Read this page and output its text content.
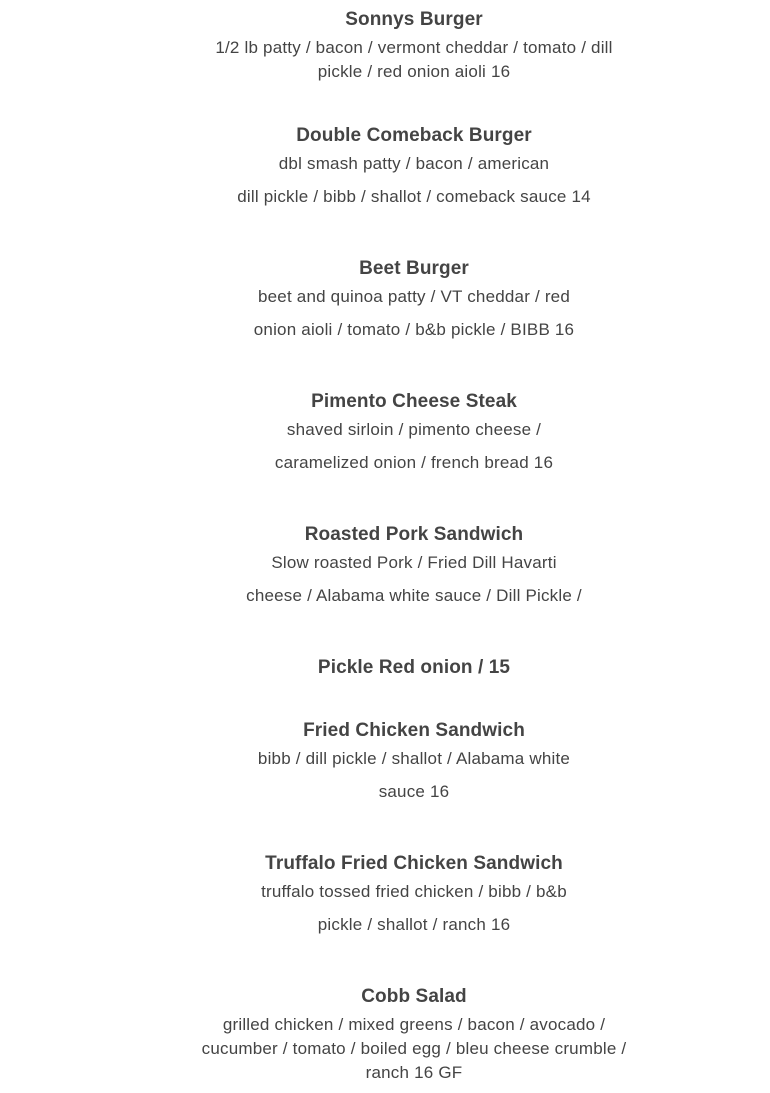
Sonnys Burger
1/2 lb patty / bacon / vermont cheddar / tomato / dill
pickle / red onion aioli 16
Double Comeback Burger
dbl smash patty / bacon / american
dill pickle / bibb / shallot / comeback sauce 14
Beet Burger
beet and quinoa patty / VT cheddar / red
onion aioli / tomato / b&b pickle / BIBB 16
Pimento Cheese Steak
shaved sirloin / pimento cheese /
caramelized onion / french bread 16
Roasted Pork Sandwich
Slow roasted Pork / Fried Dill Havarti
cheese / Alabama white sauce / Dill Pickle /
Pickle Red onion / 15
Fried Chicken Sandwich
bibb / dill pickle / shallot / Alabama white
sauce 16
Truffalo Fried Chicken Sandwich
truffalo tossed fried chicken / bibb / b&b
pickle / shallot / ranch 16
Cobb Salad
grilled chicken / mixed greens / bacon / avocado /
cucumber / tomato / boiled egg / bleu cheese crumble /
ranch 16 GF
